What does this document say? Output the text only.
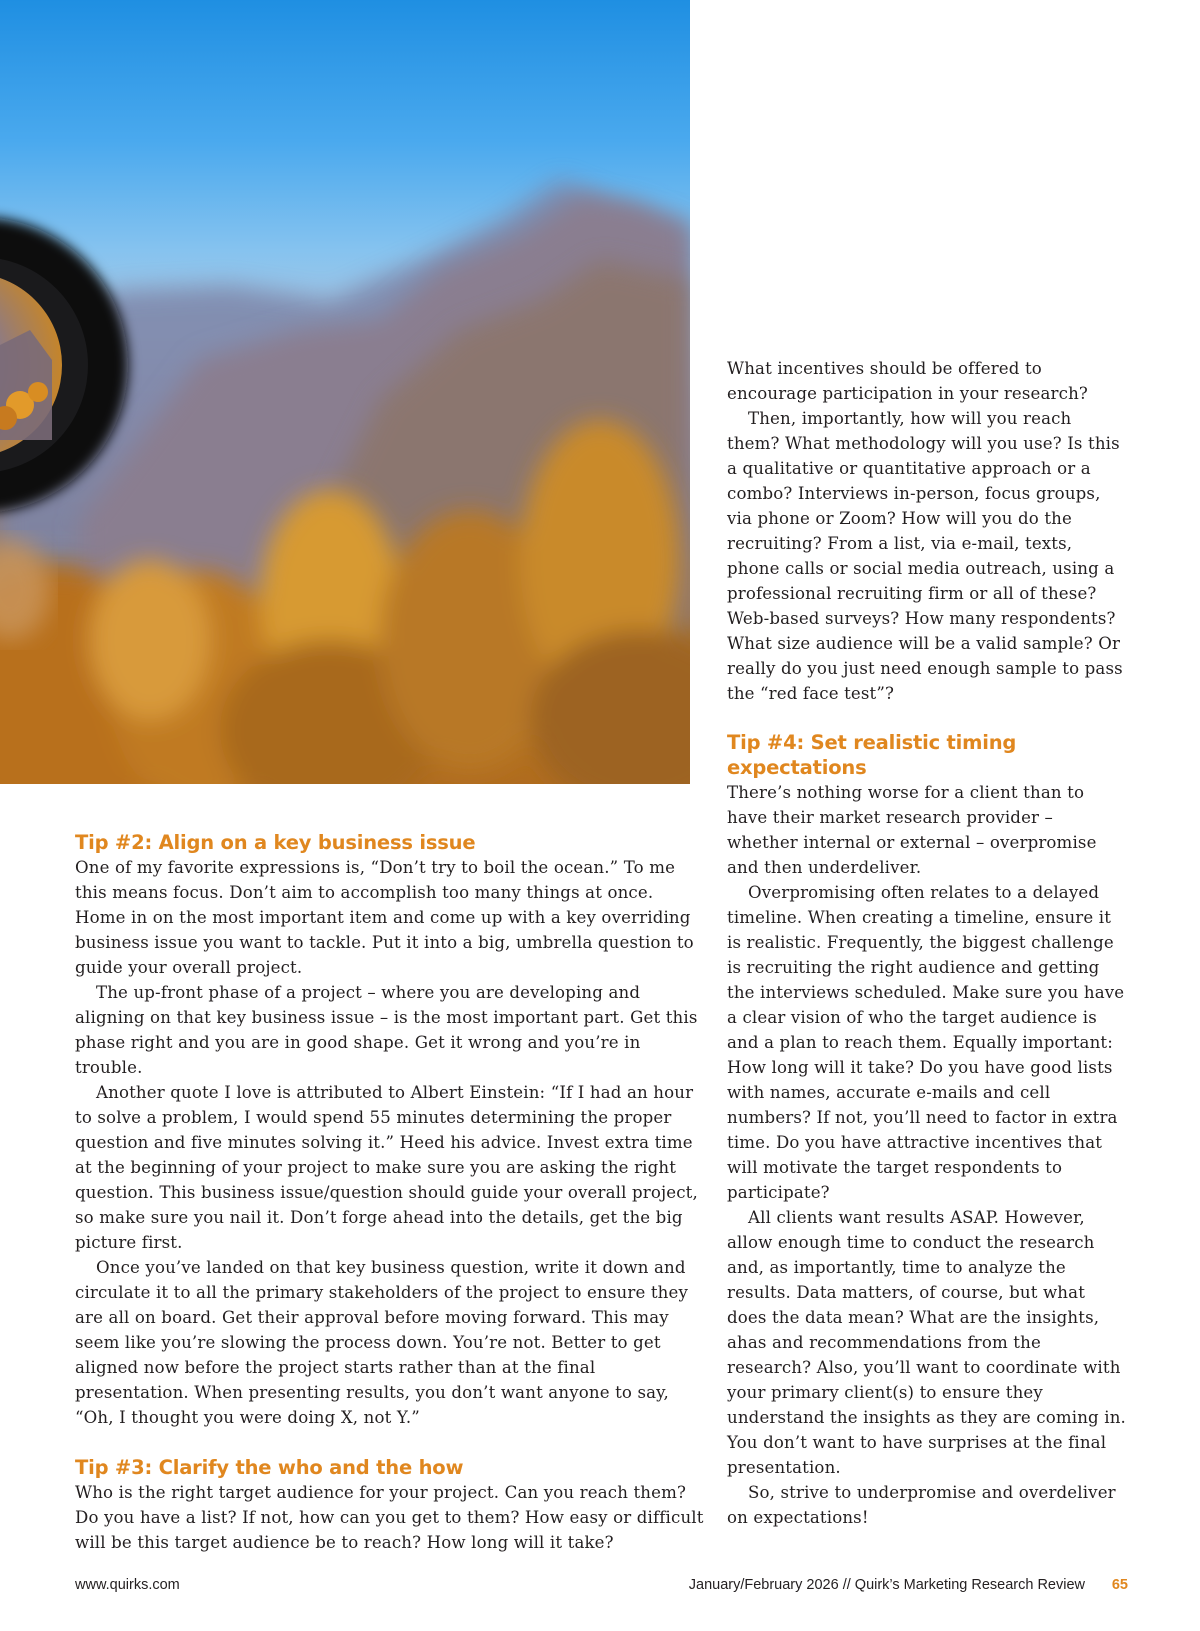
Tip #2: Align on a key business issue

One of my favorite expressions is, “Don’t try to boil the ocean.” To me this means focus. Don’t aim to accomplish too many things at once. Home in on the most important item and come up with a key overriding business issue you want to tackle. Put it into a big, umbrella question to guide your overall project.

The up-front phase of a project – where you are developing and aligning on that key business issue – is the most important part. Get this phase right and you are in good shape. Get it wrong and you’re in trouble.

Another quote I love is attributed to Albert Einstein: “If I had an hour to solve a problem, I would spend 55 minutes determining the proper question and five minutes solving it.” Heed his advice. Invest extra time at the beginning of your project to make sure you are asking the right question. This business issue/question should guide your overall project, so make sure you nail it. Don’t forge ahead into the details, get the big picture first.

Once you’ve landed on that key business question, write it down and circulate it to all the primary stakeholders of the project to ensure they are all on board. Get their approval before moving forward. This may seem like you’re slowing the process down. You’re not. Better to get aligned now before the project starts rather than at the final presentation. When presenting results, you don’t want anyone to say, “Oh, I thought you were doing X, not Y.”

Tip #3: Clarify the who and the how

Who is the right target audience for your project. Can you reach them? Do you have a list? If not, how can you get to them? How easy or difficult will be this target audience be to reach? How long will it take?

What incentives should be offered to encourage participation in your research?

Then, importantly, how will you reach them? What methodology will you use? Is this a qualitative or quantitative approach or a combo? Interviews in-person, focus groups, via phone or Zoom? How will you do the recruiting? From a list, via e-mail, texts, phone calls or social media outreach, using a professional recruiting firm or all of these? Web-based surveys? How many respondents? What size audience will be a valid sample? Or really do you just need enough sample to pass the “red face test”?

Tip #4: Set realistic timing expectations

There’s nothing worse for a client than to have their market research provider – whether internal or external – overpromise and then underdeliver.

Overpromising often relates to a delayed timeline. When creating a timeline, ensure it is realistic. Frequently, the biggest challenge is recruiting the right audience and getting the interviews scheduled. Make sure you have a clear vision of who the target audience is and a plan to reach them. Equally important: How long will it take? Do you have good lists with names, accurate e-mails and cell numbers? If not, you’ll need to factor in extra time. Do you have attractive incentives that will motivate the target respondents to participate?

All clients want results ASAP. However, allow enough time to conduct the research and, as importantly, time to analyze the results. Data matters, of course, but what does the data mean? What are the insights, ahas and recommendations from the research? Also, you’ll want to coordinate with your primary client(s) to ensure they understand the insights as they are coming in. You don’t want to have surprises at the final presentation.

So, strive to underpromise and overdeliver on expectations!

www.quirks.com	January/February 2026 // Quirk’s Marketing Research Review 65
